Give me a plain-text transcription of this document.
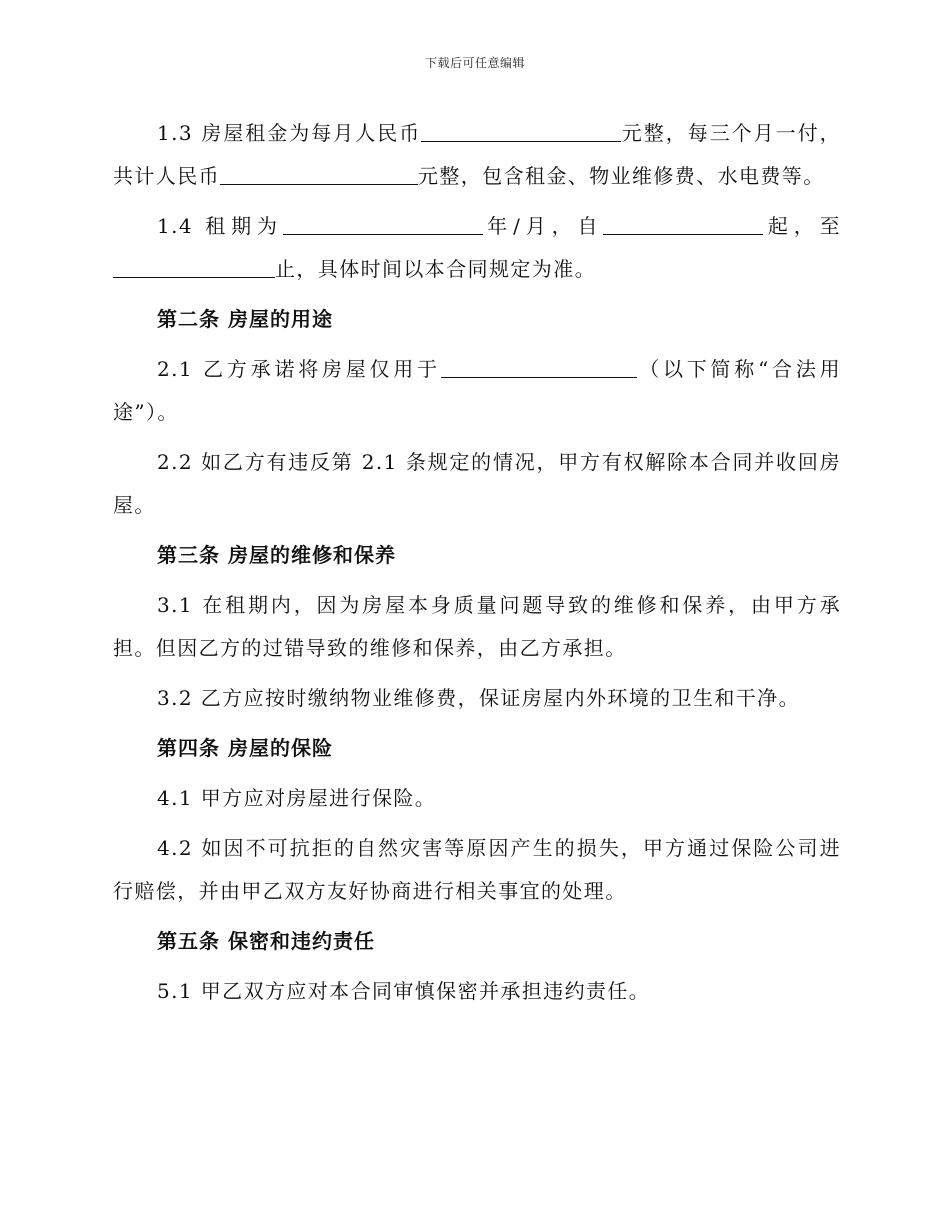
下载后可任意编辑

1.3 房屋租金为每月人民币	元整，每三个月一付，共计人民币	元整，包含租金、物业维修费、水电费等。

1.4 租期为	年/月，自	起，至止，具体时间以本合同规定为准。

第二条 房屋的用途

2.1 乙方承诺将房屋仅用于	（以下简称“合法用途”）。

2.2 如乙方有违反第 2.1 条规定的情况，甲方有权解除本合同并收回房屋。

第三条 房屋的维修和保养

3.1 在租期内，因为房屋本身质量问题导致的维修和保养，由甲方承担。但因乙方的过错导致的维修和保养，由乙方承担。

3.2 乙方应按时缴纳物业维修费，保证房屋内外环境的卫生和干净。

第四条 房屋的保险

4.1 甲方应对房屋进行保险。

4.2 如因不可抗拒的自然灾害等原因产生的损失，甲方通过保险公司进行赔偿，并由甲乙双方友好协商进行相关事宜的处理。

第五条 保密和违约责任

5.1 甲乙双方应对本合同审慎保密并承担违约责任。
